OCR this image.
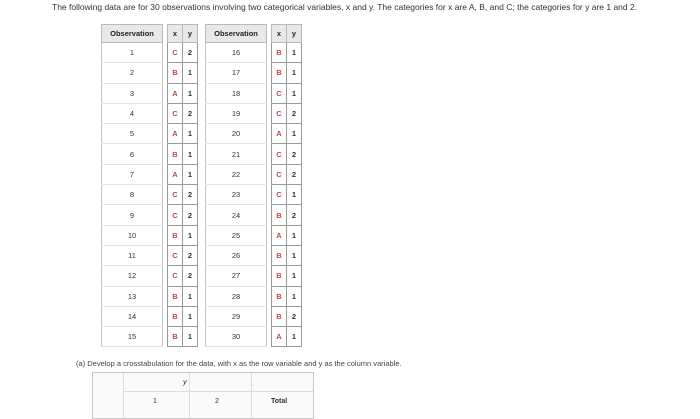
The following data are for 30 observations involving two categorical variables, x and y. The categories for x are A, B, and C; the categories for y are 1 and 2.
Observation		x	y
1		C	2
2		B	1
3		A	1
4		C	2
5		A	1
6		B	1
7		A	1
8		C	2
9		C	2
10		B	1
11		C	2
12		C	2
13		B	1
14		B	1
15		B	1
Observation		x	y
16		B	1
17		B	1
18		C	1
19		C	2
20		A	1
21		C	2
22		C	2
23		C	1
24		B	2
25		A	1
26		B	1
27		B	1
28		B	1
29		B	2
30		A	1
(a) Develop a crosstabulation for the data, with x as the row variable and y as the column variable.
y
1	2	Total
